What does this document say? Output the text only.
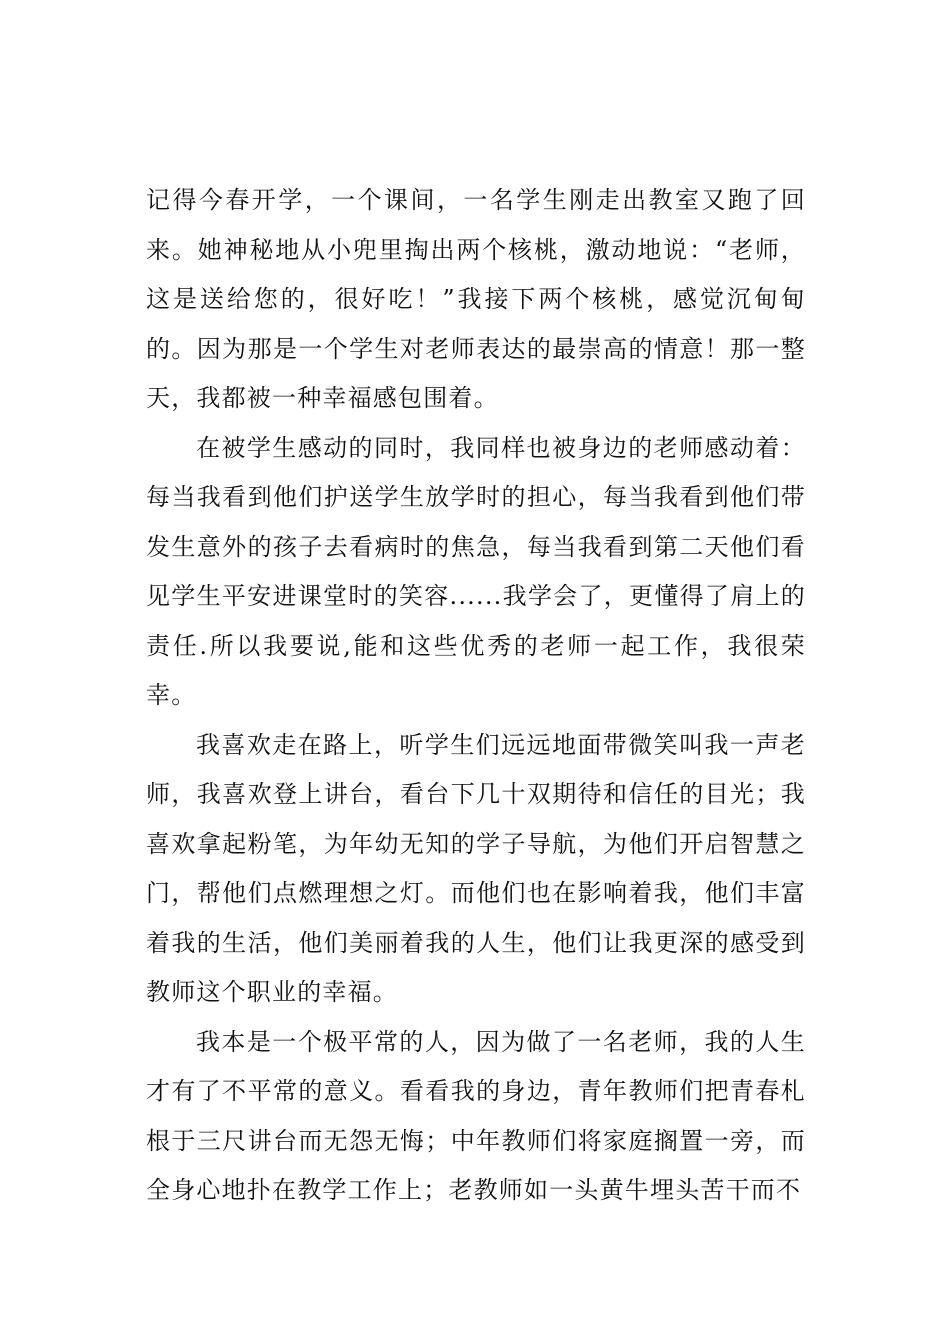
记得今春开学，一个课间，一名学生刚走出教室又跑了回来。她神秘地从小兜里掏出两个核桃，激动地说：“老师，这是送给您的，很好吃！”我接下两个核桃，感觉沉甸甸的。因为那是一个学生对老师表达的最崇高的情意！那一整天，我都被一种幸福感包围着。

在被学生感动的同时，我同样也被身边的老师感动着：每当我看到他们护送学生放学时的担心，每当我看到他们带发生意外的孩子去看病时的焦急，每当我看到第二天他们看见学生平安进课堂时的笑容......我学会了，更懂得了肩上的责任.所以我要说,能和这些优秀的老师一起工作，我很荣幸。

我喜欢走在路上，听学生们远远地面带微笑叫我一声老师，我喜欢登上讲台，看台下几十双期待和信任的目光；我喜欢拿起粉笔，为年幼无知的学子导航，为他们开启智慧之门，帮他们点燃理想之灯。而他们也在影响着我，他们丰富着我的生活，他们美丽着我的人生，他们让我更深的感受到教师这个职业的幸福。

我本是一个极平常的人，因为做了一名老师，我的人生才有了不平常的意义。看看我的身边，青年教师们把青春札根于三尺讲台而无怨无悔；中年教师们将家庭搁置一旁，而全身心地扑在教学工作上；老教师如一头黄牛埋头苦干而不
